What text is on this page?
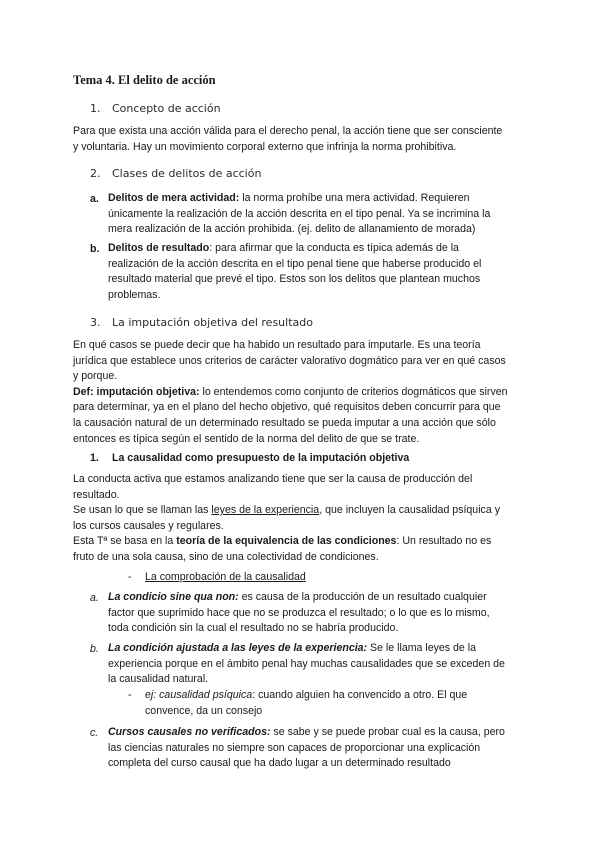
Tema 4. El delito de acción
1. Concepto de acción
Para que exista una acción válida para el derecho penal, la acción tiene que ser consciente
y voluntaria. Hay un movimiento corporal externo que infrinja la norma prohibitiva.
2. Clases de delitos de acción
a. Delitos de mera actividad: la norma prohíbe una mera actividad. Requieren
únicamente la realización de la acción descrita en el tipo penal. Ya se incrimina la
mera realización de la acción prohibida. (ej. delito de allanamiento de morada)
b. Delitos de resultado: para afirmar que la conducta es típica además de la
realización de la acción descrita en el tipo penal tiene que haberse producido el
resultado material que prevé el tipo. Estos son los delitos que plantean muchos
problemas.
3. La imputación objetiva del resultado
En qué casos se puede decir que ha habido un resultado para imputarle. Es una teoría
jurídica que establece unos criterios de carácter valorativo dogmático para ver en qué casos
y porque.
Def: imputación objetiva: lo entendemos como conjunto de criterios dogmáticos que sirven
para determinar, ya en el plano del hecho objetivo, qué requisitos deben concurrir para que
la causación natural de un determinado resultado se pueda imputar a una acción que sólo
entonces es típica según el sentido de la norma del delito de que se trate.
1. La causalidad como presupuesto de la imputación objetiva
La conducta activa que estamos analizando tiene que ser la causa de producción del
resultado.
Se usan lo que se llaman las leyes de la experiencia, que incluyen la causalidad psíquica y
los cursos causales y regulares.
Esta Tª se basa en la teoría de la equivalencia de las condiciones: Un resultado no es
fruto de una sola causa, sino de una colectividad de condiciones.
- La comprobación de la causalidad
a. La condicio sine qua non: es causa de la producción de un resultado cualquier
factor que suprimido hace que no se produzca el resultado; o lo que es lo mismo,
toda condición sin la cual el resultado no se habría producido.
b. La condición ajustada a las leyes de la experiencia: Se le llama leyes de la
experiencia porque en el ámbito penal hay muchas causalidades que se exceden de
la causalidad natural.
- ej: causalidad psíquica: cuando alguien ha convencido a otro. El que
convence, da un consejo
c. Cursos causales no verificados: se sabe y se puede probar cual es la causa, pero
las ciencias naturales no siempre son capaces de proporcionar una explicación
completa del curso causal que ha dado lugar a un determinado resultado
